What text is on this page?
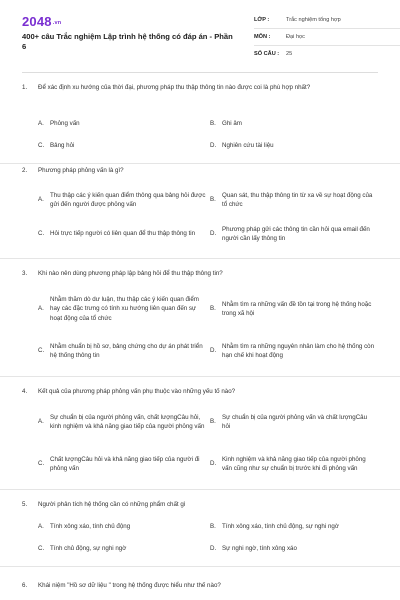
2048.vn
400+ câu Trắc nghiệm Lập trình hệ thống có đáp án - Phần 6
LỚP :	Trắc nghiệm tổng hợp
MÔN :	Đại học
SỐ CÂU :	25
1.	Để xác định xu hướng của thời đại, phương pháp thu thập thông tin nào được coi là phù hợp nhất?
A. Phỏng vấn	B. Ghi âm
C. Bảng hỏi	D. Nghiên cứu tài liệu
2.	Phương pháp phỏng vấn là gì?
A.
Thu thập các ý kiến quan điểm thông qua bảng hỏi được gửi đến người được phỏng vấn
B.
Quan sát, thu thập thông tin từ xa về sự hoạt động của tổ chức
C. Hỏi trực tiếp người có liên quan để thu thập thông tin	D.
Phương pháp gửi các thông tin cần hỏi qua email đến người cần lấy thông tin
3.	Khi nào nên dùng phương pháp lập bảng hỏi để thu thập thông tin?
A.
Nhằm thăm dò dư luận, thu thập các ý kiến quan điểm hay các đặc trưng có tính xu hướng liên quan đến sự hoạt động của tổ chức
B.
Nhằm tìm ra những vấn đề tồn tại trong hệ thống hoặc trong xã hội
C.
Nhằm chuẩn bị hồ sơ, bảng chứng cho dự án phát triển hệ thống thông tin
D.
Nhằm tìm ra những nguyên nhân làm cho hệ thống còn hạn chế khi hoạt động
4.	Kết quả của phương pháp phỏng vấn phụ thuộc vào những yếu tố nào?
A.
Sự chuẩn bị của người phỏng vấn, chất lượngCâu hỏi, kinh nghiệm và khả năng giao tiếp của người phỏng vấn
B.
Sự chuẩn bị của người phỏng vấn và chất lượngCâu hỏi
C.
Chất lượngCâu hỏi và khả năng giao tiếp của người đi phỏng vấn
D.
Kinh nghiệm và khả năng giao tiếp của người phỏng vấn cũng như sự chuẩn bị trước khi đi phỏng vấn
5.	Người phân tích hệ thống cần có những phẩm chất gì
A. Tính xông xáo, tính chủ động	B. Tính xông xáo, tính chủ động, sự nghi ngờ
C. Tính chủ động, sự nghi ngờ	D. Sự nghi ngờ, tính xông xáo
6.	Khái niệm "Hồ sơ dữ liệu " trong hệ thống được hiểu như thế nào?
